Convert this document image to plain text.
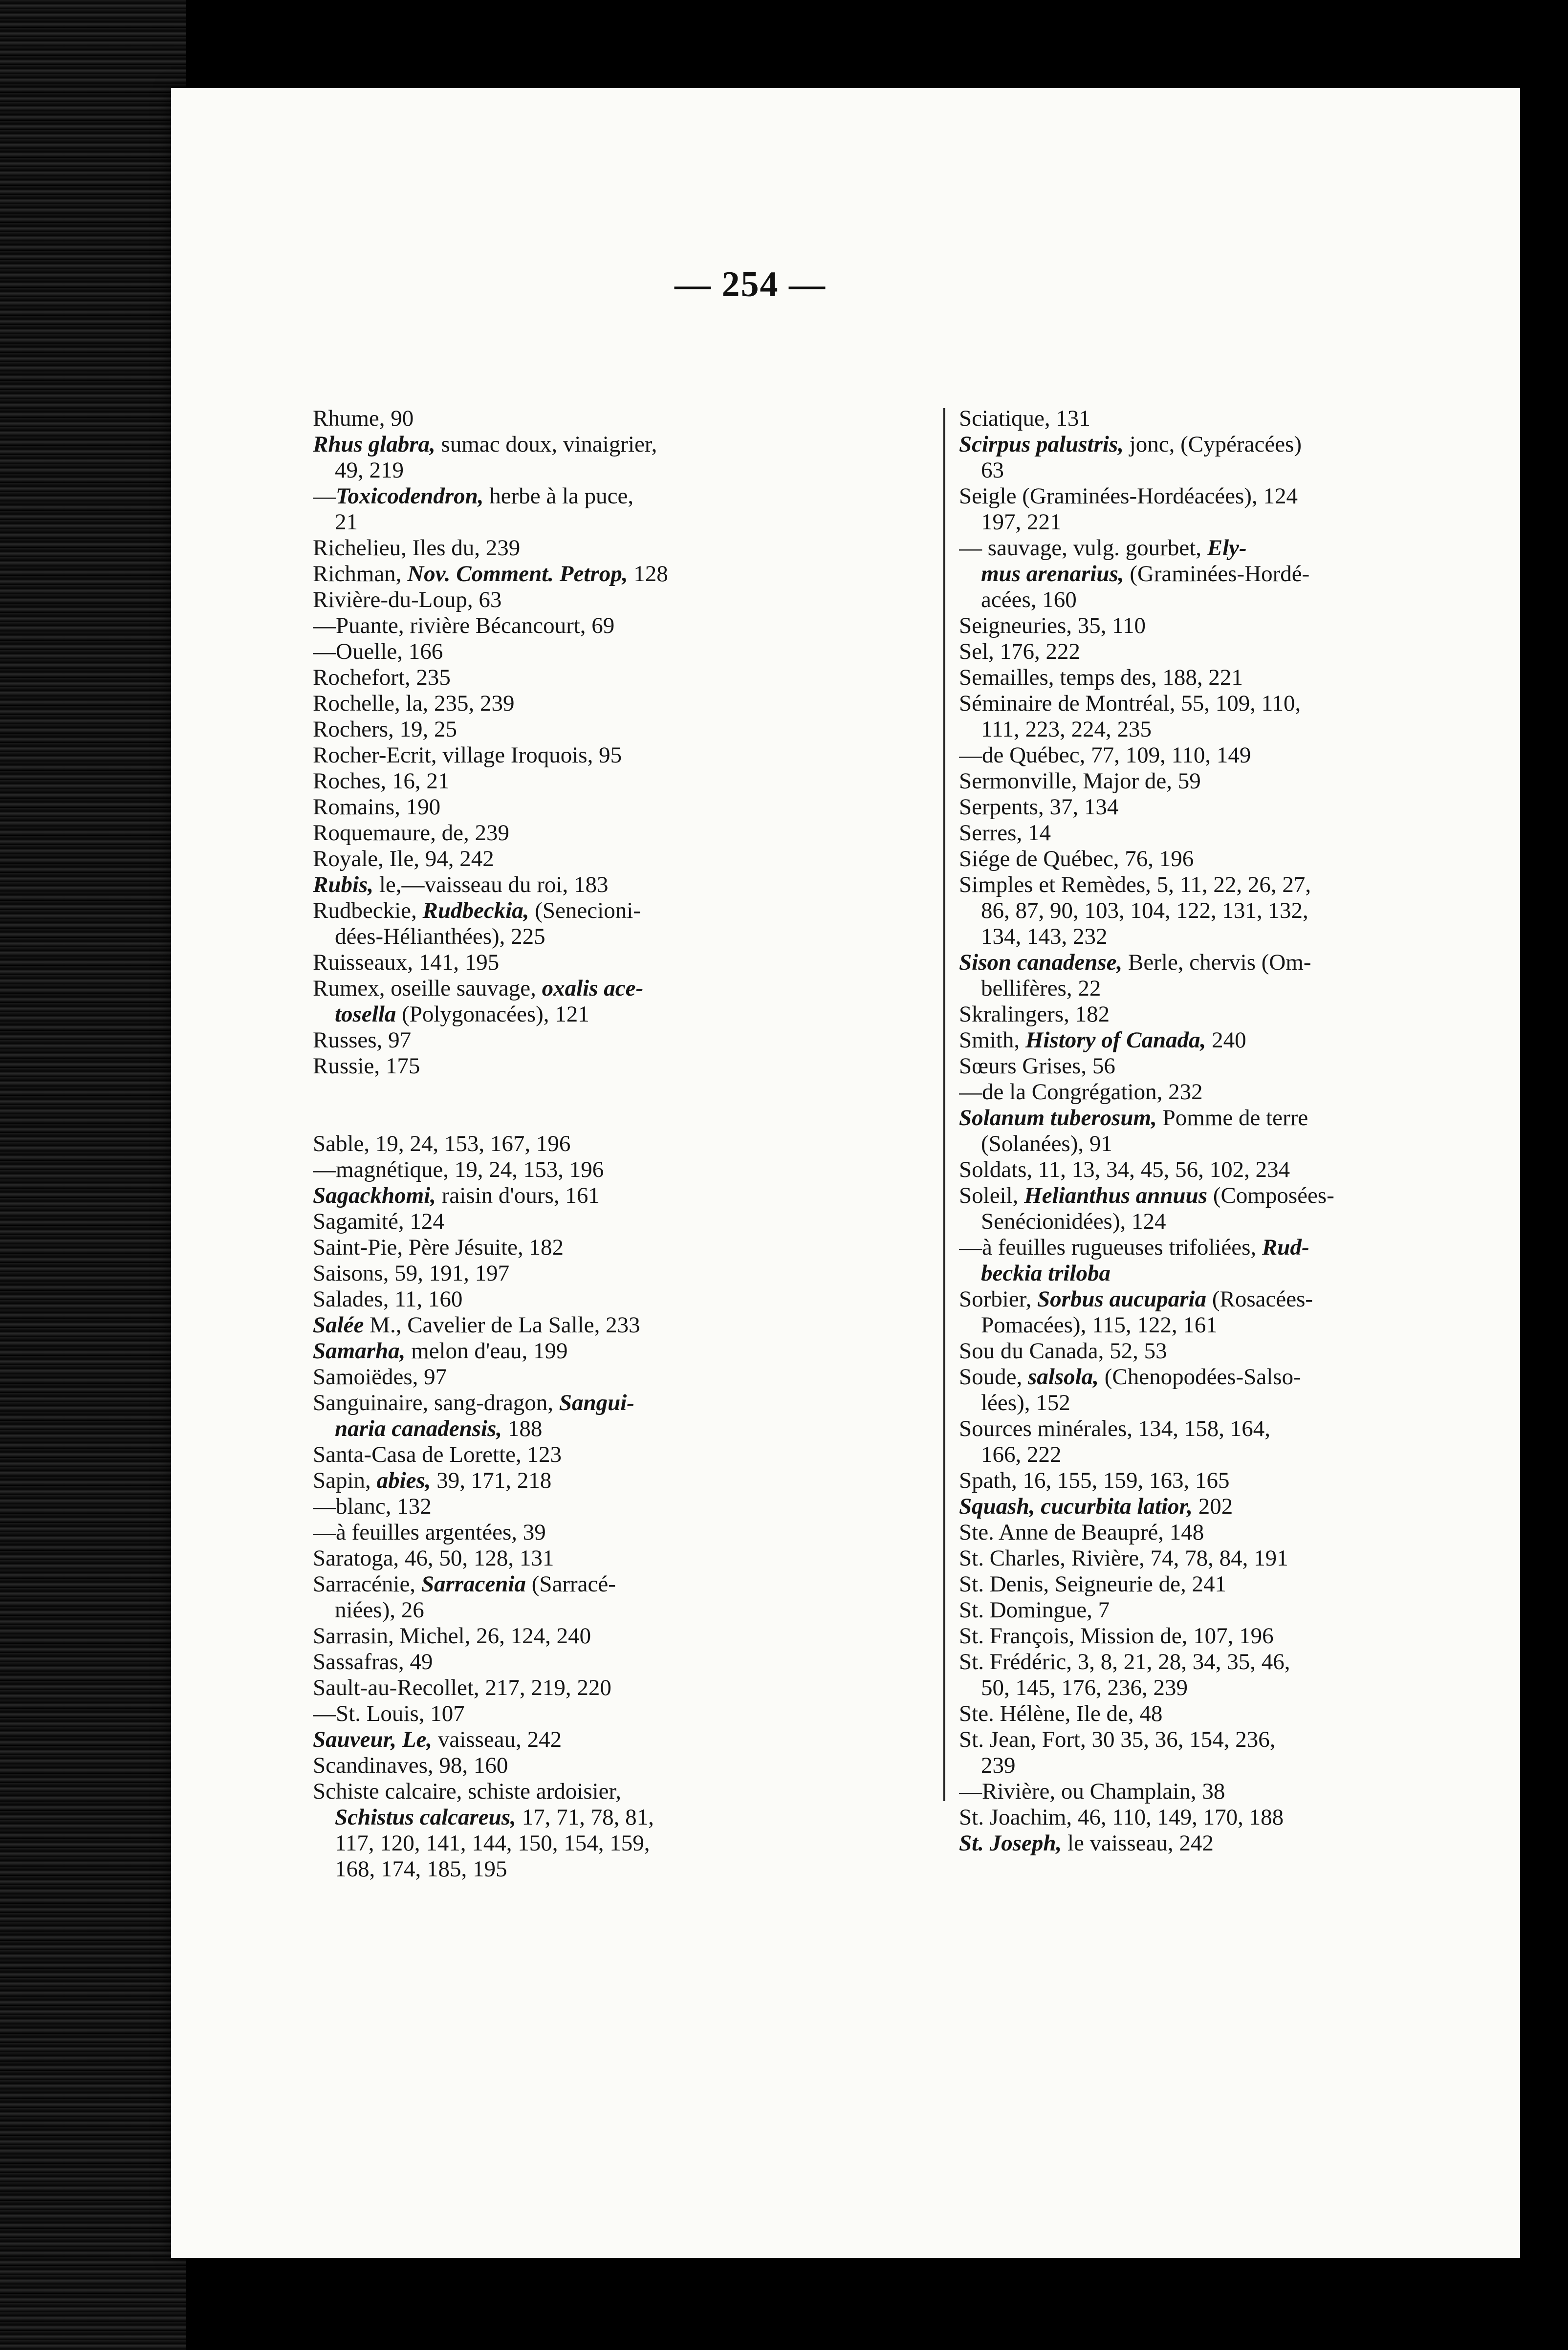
— 254 —
Rhume, 90
Rhus glabra, sumac doux, vinaigrier,
49, 219
—Toxicodendron, herbe à la puce,
21
Richelieu, Iles du, 239
Richman, Nov. Comment. Petrop, 128
Rivière-du-Loup, 63
—Puante, rivière Bécancourt, 69
—Ouelle, 166
Rochefort, 235
Rochelle, la, 235, 239
Rochers, 19, 25
Rocher-Ecrit, village Iroquois, 95
Roches, 16, 21
Romains, 190
Roquemaure, de, 239
Royale, Ile, 94, 242
Rubis, le,—vaisseau du roi, 183
Rudbeckie, Rudbeckia, (Senecioni-
dées-Hélianthées), 225
Ruisseaux, 141, 195
Rumex, oseille sauvage, oxalis ace-
tosella (Polygonacées), 121
Russes, 97
Russie, 175
Sable, 19, 24, 153, 167, 196
—magnétique, 19, 24, 153, 196
Sagackhomi, raisin d'ours, 161
Sagamité, 124
Saint-Pie, Père Jésuite, 182
Saisons, 59, 191, 197
Salades, 11, 160
Salée M., Cavelier de La Salle, 233
Samarha, melon d'eau, 199
Samoiëdes, 97
Sanguinaire, sang-dragon, Sangui-
naria canadensis, 188
Santa-Casa de Lorette, 123
Sapin, abies, 39, 171, 218
—blanc, 132
—à feuilles argentées, 39
Saratoga, 46, 50, 128, 131
Sarracénie, Sarracenia (Sarracé-
niées), 26
Sarrasin, Michel, 26, 124, 240
Sassafras, 49
Sault-au-Recollet, 217, 219, 220
—St. Louis, 107
Sauveur, Le, vaisseau, 242
Scandinaves, 98, 160
Schiste calcaire, schiste ardoisier,
Schistus calcareus, 17, 71, 78, 81,
117, 120, 141, 144, 150, 154, 159,
168, 174, 185, 195
Sciatique, 131
Scirpus palustris, jonc, (Cypéracées)
63
Seigle (Graminées-Hordéacées), 124
197, 221
— sauvage, vulg. gourbet, Ely-
mus arenarius, (Graminées-Hordé-
acées, 160
Seigneuries, 35, 110
Sel, 176, 222
Semailles, temps des, 188, 221
Séminaire de Montréal, 55, 109, 110,
111, 223, 224, 235
—de Québec, 77, 109, 110, 149
Sermonville, Major de, 59
Serpents, 37, 134
Serres, 14
Siége de Québec, 76, 196
Simples et Remèdes, 5, 11, 22, 26, 27,
86, 87, 90, 103, 104, 122, 131, 132,
134, 143, 232
Sison canadense, Berle, chervis (Om-
bellifères, 22
Skralingers, 182
Smith, History of Canada, 240
Sœurs Grises, 56
—de la Congrégation, 232
Solanum tuberosum, Pomme de terre
(Solanées), 91
Soldats, 11, 13, 34, 45, 56, 102, 234
Soleil, Helianthus annuus (Composées-
Senécionidées), 124
—à feuilles rugueuses trifoliées, Rud-
beckia triloba
Sorbier, Sorbus aucuparia (Rosacées-
Pomacées), 115, 122, 161
Sou du Canada, 52, 53
Soude, salsola, (Chenopodées-Salso-
lées), 152
Sources minérales, 134, 158, 164,
166, 222
Spath, 16, 155, 159, 163, 165
Squash, cucurbita latior, 202
Ste. Anne de Beaupré, 148
St. Charles, Rivière, 74, 78, 84, 191
St. Denis, Seigneurie de, 241
St. Domingue, 7
St. François, Mission de, 107, 196
St. Frédéric, 3, 8, 21, 28, 34, 35, 46,
50, 145, 176, 236, 239
Ste. Hélène, Ile de, 48
St. Jean, Fort, 30 35, 36, 154, 236,
239
—Rivière, ou Champlain, 38
St. Joachim, 46, 110, 149, 170, 188
St. Joseph, le vaisseau, 242
